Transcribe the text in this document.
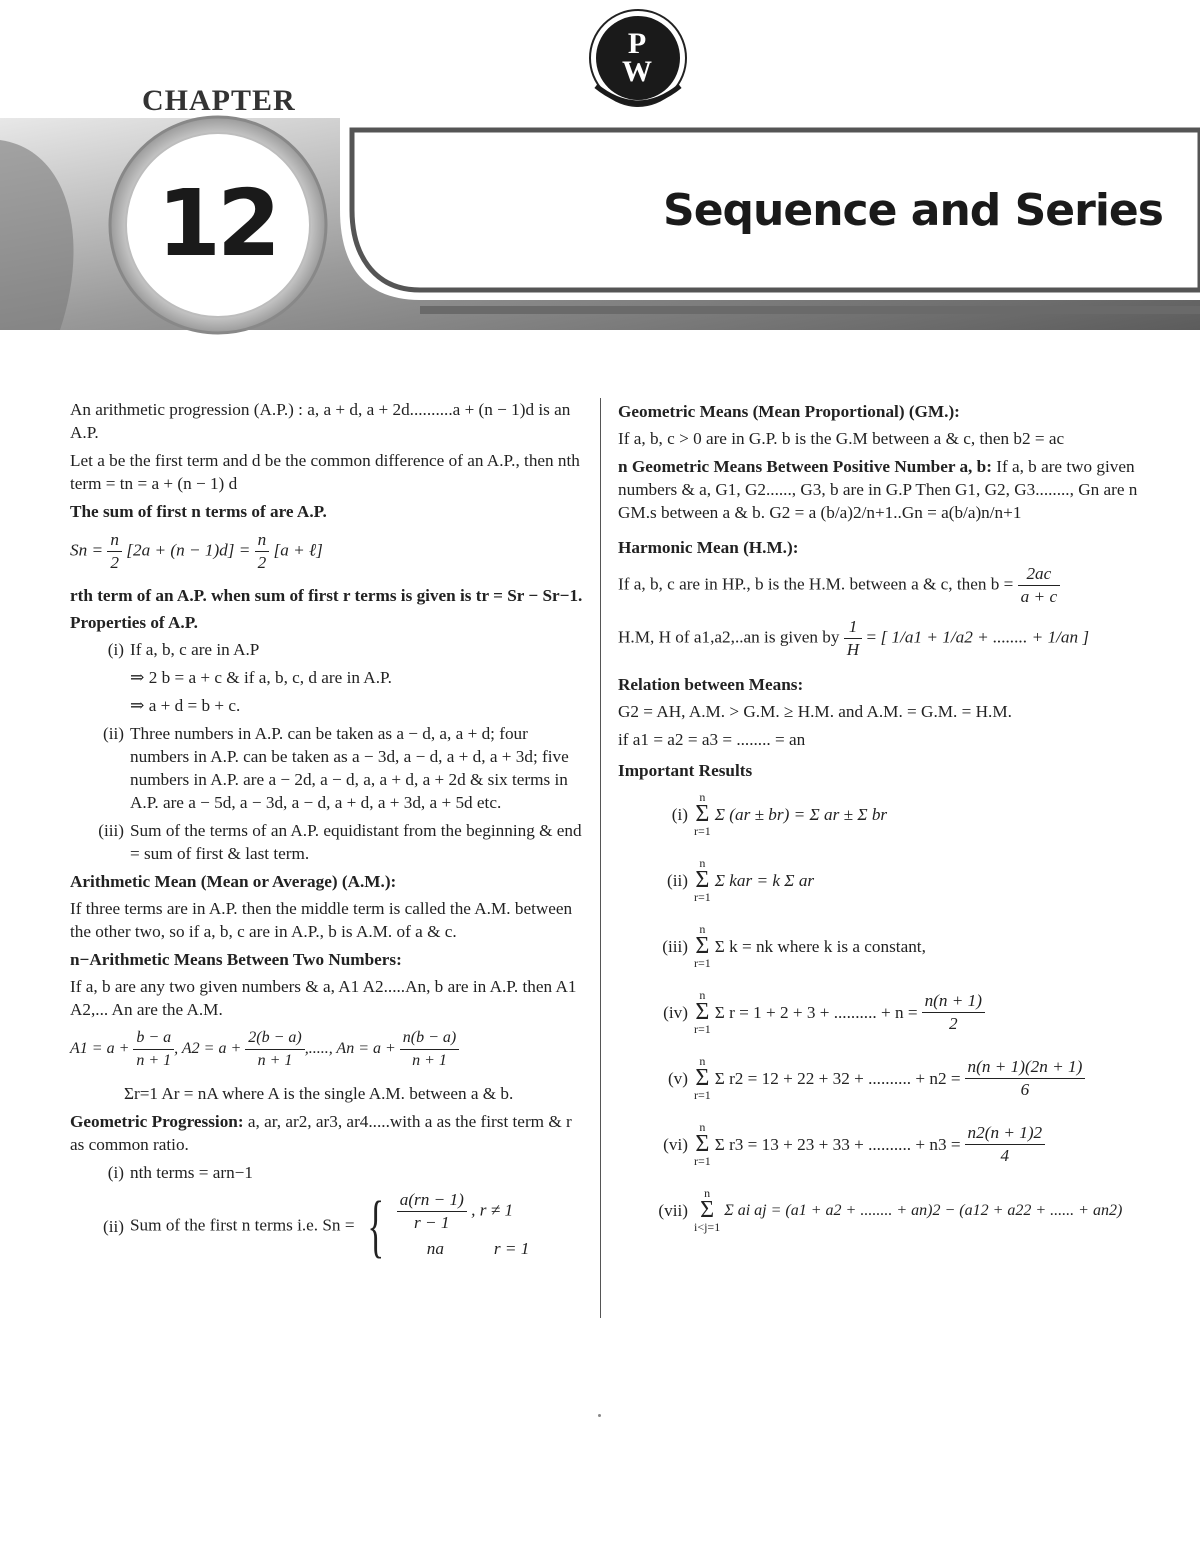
PW
CHAPTER
12	Sequence and Series

An arithmetic progression (A.P.) : a, a + d, a + 2d..........a + (n − 1)d is an A.P.

Let a be the first term and d be the common difference of an A.P., then nth term = tn = a + (n − 1) d

The sum of first n terms of are A.P.

$Sn = \frac{n}{2} [2a + (n - 1)d] = \frac{n}{2} [a$ + ℓ]

rth term of an A.P. when sum of first r terms is given is tr = Sr − Sr−1.

Properties of A.P.

(i) If a, b, c are in A.P
⇒ 2 b = a + c & if a, b, c, d are in A.P.
⇒ a + d = b + c.
(ii) Three numbers in A.P. can be taken as a − d, a, a + d; four numbers in A.P. can be taken as a − 3d, a − d, a + d, a + 3d; five numbers in A.P. are a − 2d, a − d, a, a + d, a + 2d & six terms in A.P. are a − 5d, a − 3d, a − d, a + d, a + 3d, a + 5d etc.
(iii) Sum of the terms of an A.P. equidistant from the beginning & end = sum of first & last term.

Arithmetic Mean (Mean or Average) (A.M.):

If three terms are in A.P. then the middle term is called the A.M. between the other two, so if a, b, c are in A.P., b is A.M. of a & c.

n−Arithmetic Means Between Two Numbers:

If a, b are any two given numbers & a, A1 A2.....An, b are in A.P. then A1 A2,... An are the A.M.

$A1 = a + \frac{b - a}{n + 1}$ , $A2 = a + \frac{2(b - a)}{n + 1}$ ,....., $An = a + \frac{n(b - a)}{n + 1}$

Σr=1 Ar = nA where A is the single A.M. between a & b.

Geometric Progression: a, ar, ar2, ar3, ar4.....with a as the first term & r as common ratio.

(i) nth terms = arn−1
(ii) Sum of the first n terms i.e. Sn = { $\frac{a(rn - 1)}{r - 1}$ , r ≠ 1
na	r = 1

Geometric Means (Mean Proportional) (GM.):

If a, b, c > 0 are in G.P. b is the G.M between a & c, then b2 = ac

n Geometric Means Between Positive Number a, b: If a, b are two given numbers & a, G1, G2......, G3, b are in G.P Then G1, G2, G3........, Gn are n GM.s between a & b. G2 = a (b/a)2/n+1..Gn = a(b/a)n/n+1

Harmonic Mean (H.M.):

If a, b, c are in HP., b is the H.M. between a & c, then $b = \frac{2ac}{a + c}$

H.M, H of a1,a2,..an is given by $\frac{1}{H}$ = [ 1/a1 + 1/a2 + ........ + 1/an ]

Relation between Means:

G2 = AH, A.M. > G.M. ≥ H.M. and A.M. = G.M. = H.M.

if a1 = a2 = a3 = ........ = an

Important Results

(i)
n
Σ
r=1
Σ (ar ± br) = Σ ar ± Σ br
(ii)
n
Σ
r=1
Σ kar = k Σ ar
(iii)
n
Σ
r=1
Σ k = nk where k is a constant,
(iv)
n
Σ
r=1
Σ r = 1 + 2 + 3 + .......... + $n = \frac{n(n + 1)}{2}$
(v)
n
Σ
r=1
Σ r2 = 12 + 22 + 32 + .......... + $n2 = \frac{n(n + 1)(2n + 1)}{6}$
(vi)
n
Σ
r=1
Σ r3 = 13 + 23 + 33 + .......... + $n3 = \frac{n2(n + 1)2}{4}$
(vii)
n
Σ
i<j=1
Σ ai aj = (a1 + a2 + ........ + an)2 − (a12 + a22 + ...... + an2)
